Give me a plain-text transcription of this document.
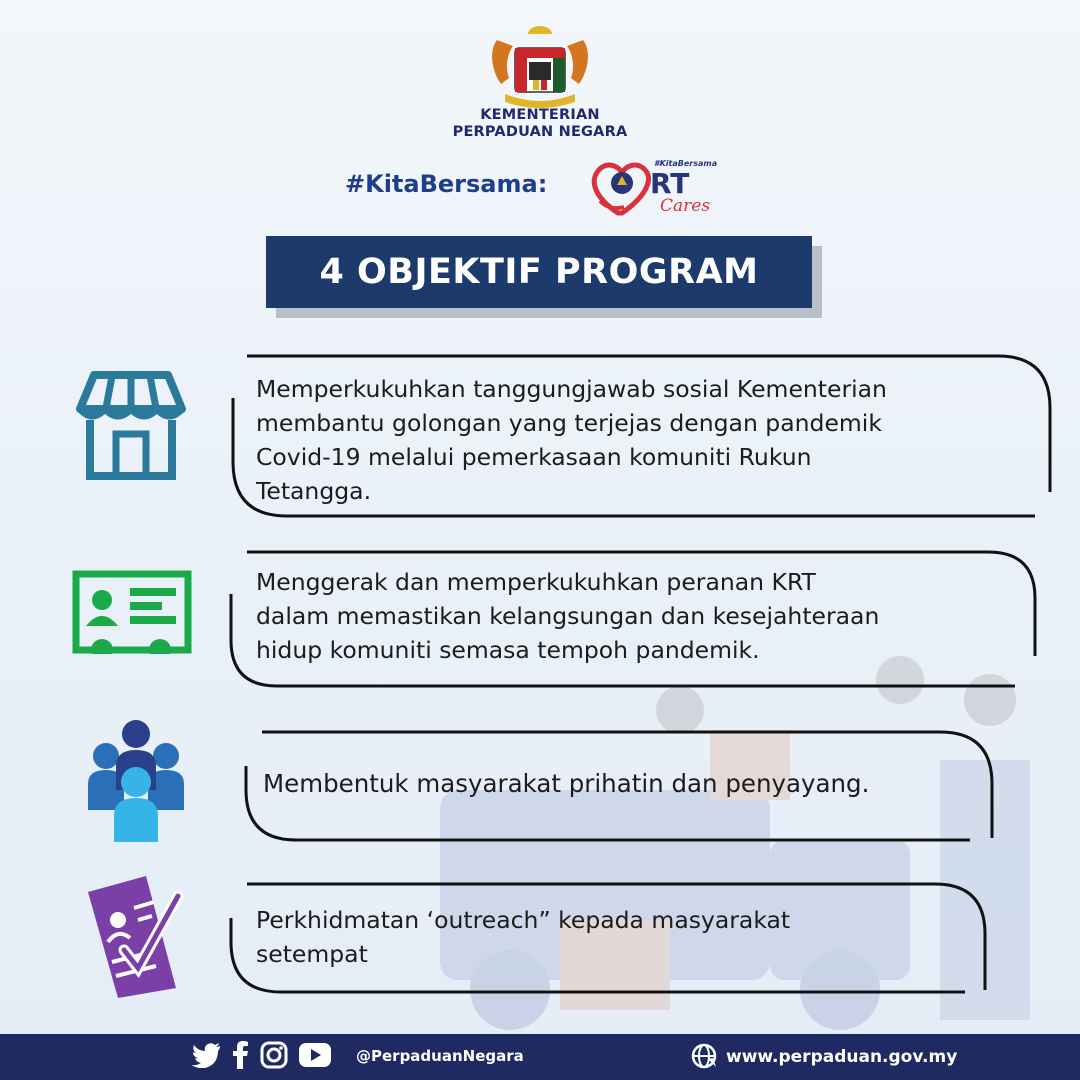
KEMENTERIAN
PERPADUAN NEGARA
#KitaBersama:
#KitaBersama
RT
Cares
4 OBJEKTIF PROGRAM
Memperkukuhkan tanggungjawab sosial Kementerian
membantu golongan yang terjejas dengan pandemik
Covid-19 melalui pemerkasaan komuniti Rukun
Tetangga.
Menggerak dan memperkukuhkan peranan KRT
dalam memastikan kelangsungan dan kesejahteraan
hidup komuniti semasa tempoh pandemik.
Membentuk masyarakat prihatin dan penyayang.
Perkhidmatan ‘outreach” kepada masyarakat
setempat
@PerpaduanNegara	www.perpaduan.gov.my
